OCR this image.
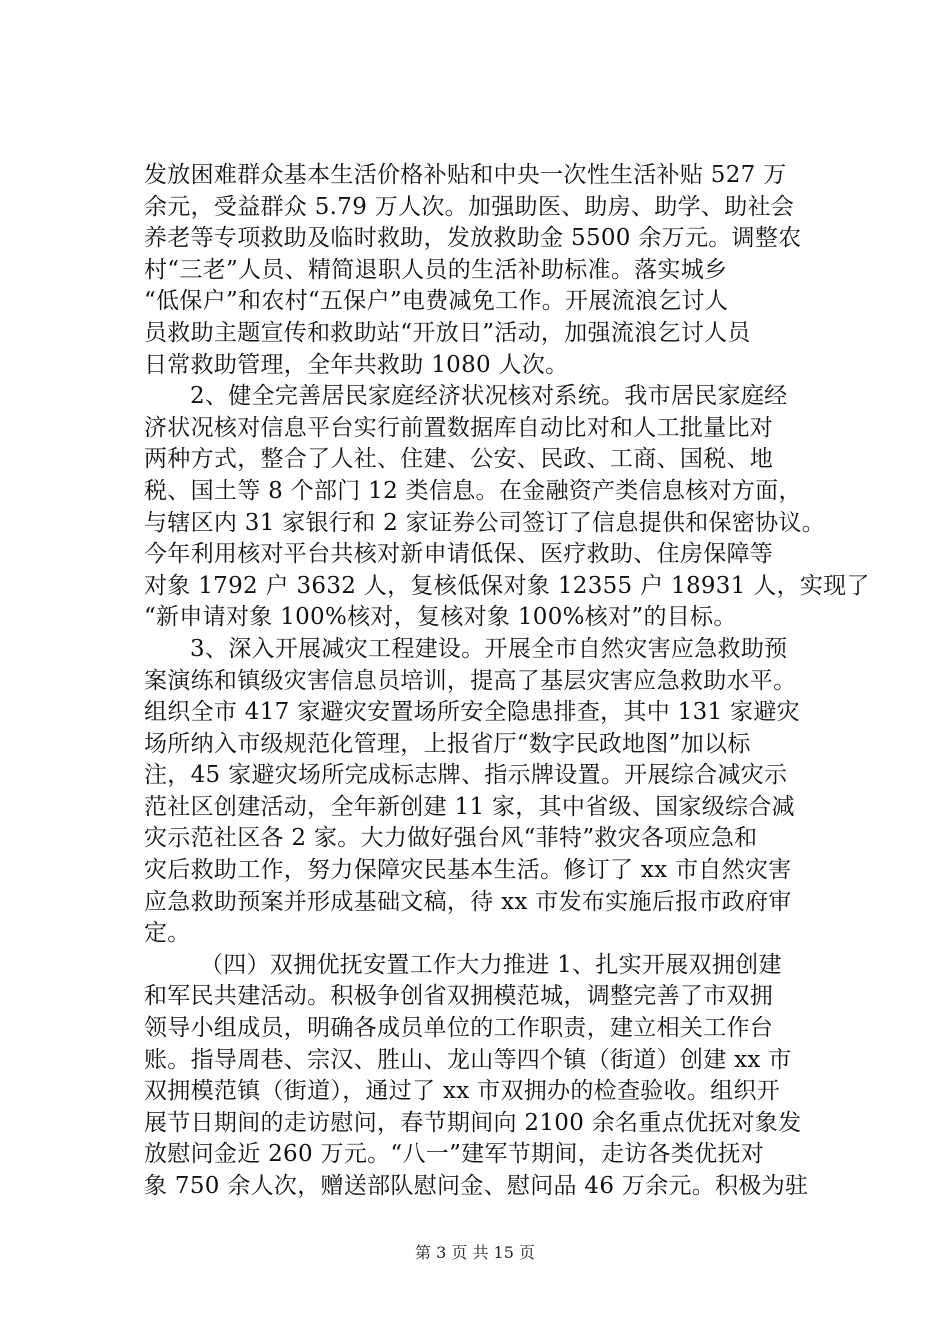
发放困难群众基本生活价格补贴和中央一次性生活补贴 527 万
余元，受益群众 5.79 万人次。加强助医、助房、助学、助社会
养老等专项救助及临时救助，发放救助金 5500 余万元。调整农
村“三老”人员、精简退职人员的生活补助标准。落实城乡
“低保户”和农村“五保户”电费减免工作。开展流浪乞讨人
员救助主题宣传和救助站“开放日”活动，加强流浪乞讨人员
日常救助管理，全年共救助 1080 人次。
2、健全完善居民家庭经济状况核对系统。我市居民家庭经
济状况核对信息平台实行前置数据库自动比对和人工批量比对
两种方式，整合了人社、住建、公安、民政、工商、国税、地
税、国土等 8 个部门 12 类信息。在金融资产类信息核对方面，
与辖区内 31 家银行和 2 家证券公司签订了信息提供和保密协议。
今年利用核对平台共核对新申请低保、医疗救助、住房保障等
对象 1792 户 3632 人，复核低保对象 12355 户 18931 人，实现了
“新申请对象 100%核对，复核对象 100%核对”的目标。
3、深入开展减灾工程建设。开展全市自然灾害应急救助预
案演练和镇级灾害信息员培训，提高了基层灾害应急救助水平。
组织全市 417 家避灾安置场所安全隐患排查，其中 131 家避灾
场所纳入市级规范化管理，上报省厅“数字民政地图”加以标
注，45 家避灾场所完成标志牌、指示牌设置。开展综合减灾示
范社区创建活动，全年新创建 11 家，其中省级、国家级综合减
灾示范社区各 2 家。大力做好强台风“菲特”救灾各项应急和
灾后救助工作，努力保障灾民基本生活。修订了 xx 市自然灾害
应急救助预案并形成基础文稿，待 xx 市发布实施后报市政府审
定。
（四）双拥优抚安置工作大力推进 1、扎实开展双拥创建
和军民共建活动。积极争创省双拥模范城，调整完善了市双拥
领导小组成员，明确各成员单位的工作职责，建立相关工作台
账。指导周巷、宗汉、胜山、龙山等四个镇（街道）创建 xx 市
双拥模范镇（街道），通过了 xx 市双拥办的检查验收。组织开
展节日期间的走访慰问，春节期间向 2100 余名重点优抚对象发
放慰问金近 260 万元。“八一”建军节期间，走访各类优抚对
象 750 余人次，赠送部队慰问金、慰问品 46 万余元。积极为驻
第 3 页 共 15 页
